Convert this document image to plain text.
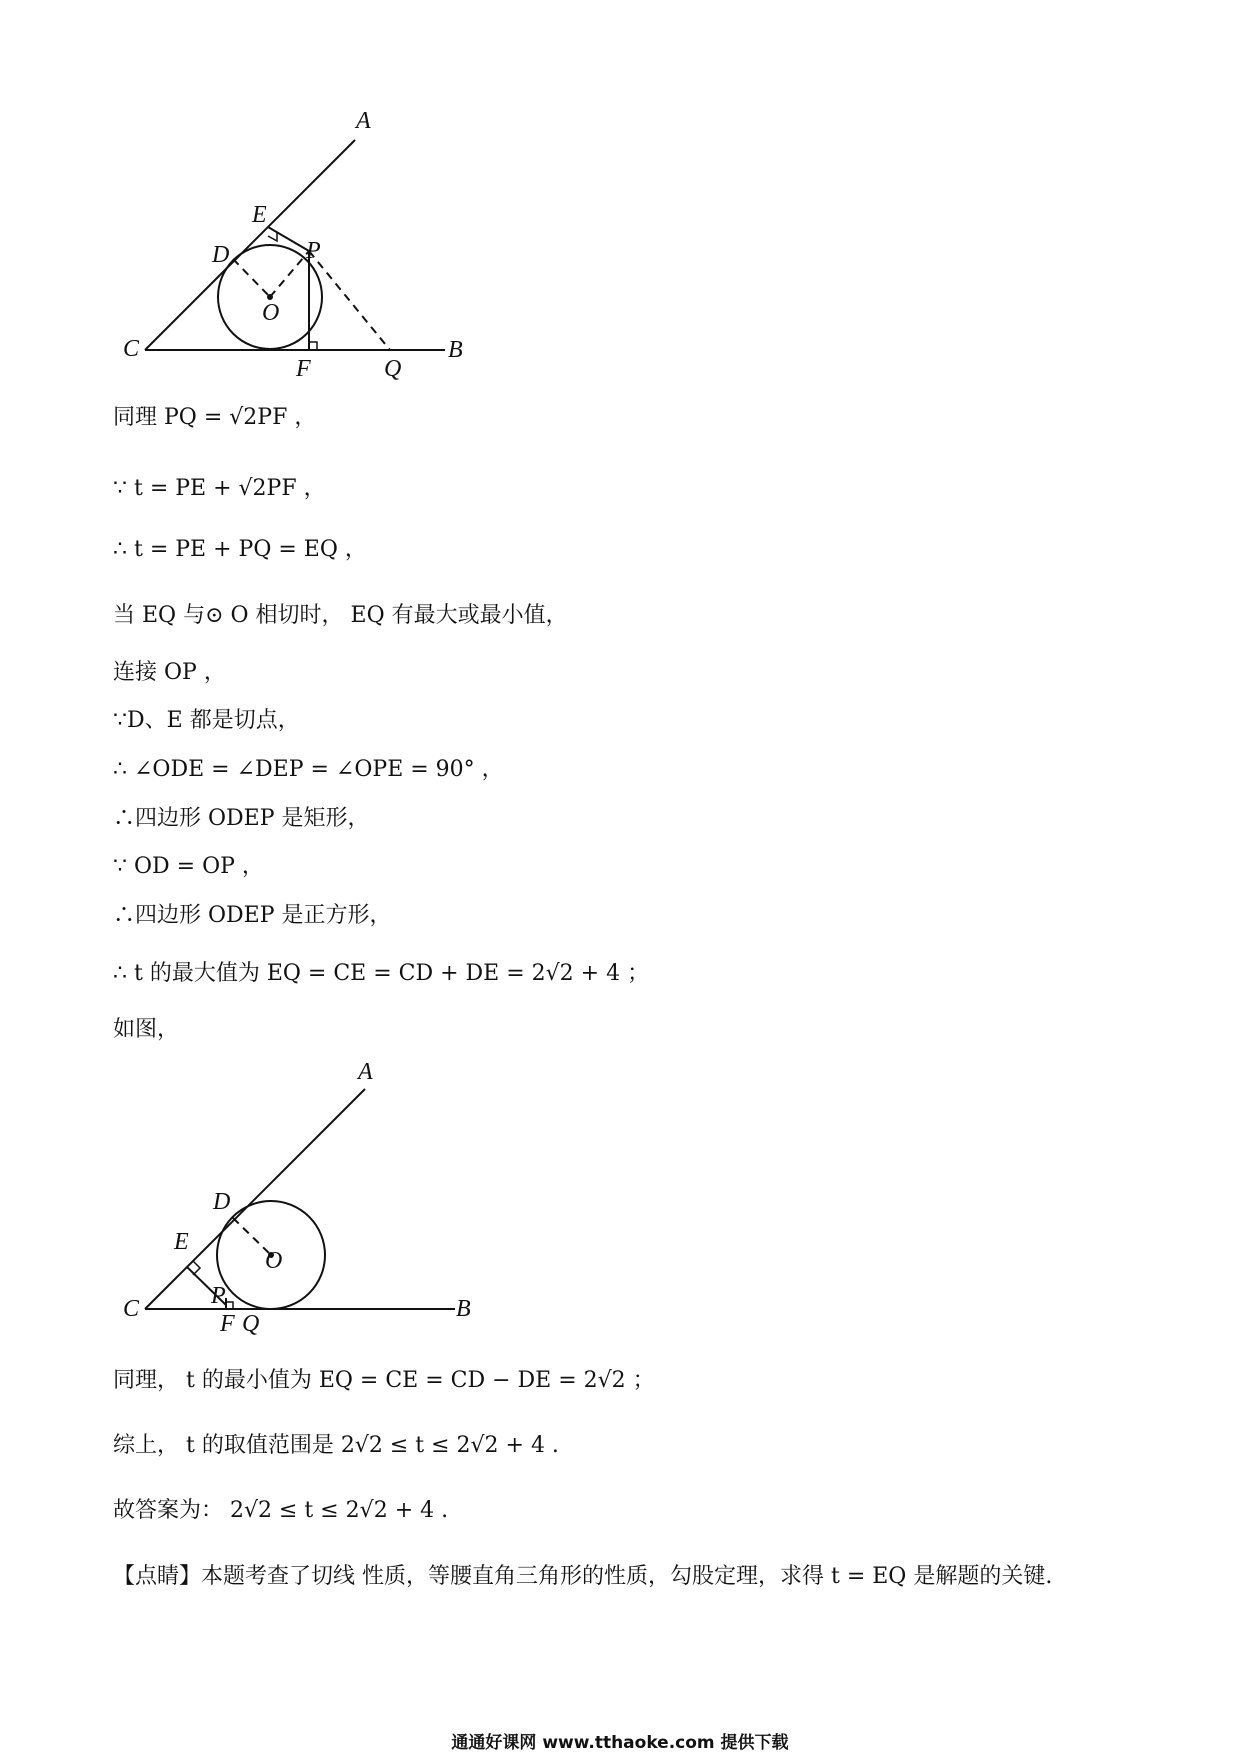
A
E
D	P
O
C
F	Q
B
同理 PQ = √2PF ，
∵ t = PE + √2PF ，
∴ t = PE + PQ = EQ ，
当 EQ 与⊙ O 相切时， EQ 有最大或最小值，
连接 OP ，
∵D、E 都是切点，
∴ ∠ODE = ∠DEP = ∠OPE = 90° ，
∴四边形 ODEP 是矩形，
∵ OD = OP ，
∴四边形 ODEP 是正方形，
∴ t 的最大值为 EQ = CE = CD + DE = 2√2 + 4 ；
如图，
A
D
E
O
C	P
F Q
B
同理， t 的最小值为 EQ = CE = CD − DE = 2√2 ；
综上， t 的取值范围是 2√2 ≤ t ≤ 2√2 + 4 .
故答案为： 2√2 ≤ t ≤ 2√2 + 4 .
【点睛】本题考查了切线 性质，等腰直角三角形的性质，勾股定理，求得 t = EQ 是解题的关键.
通通好课网 www.tthaoke.com 提供下载
